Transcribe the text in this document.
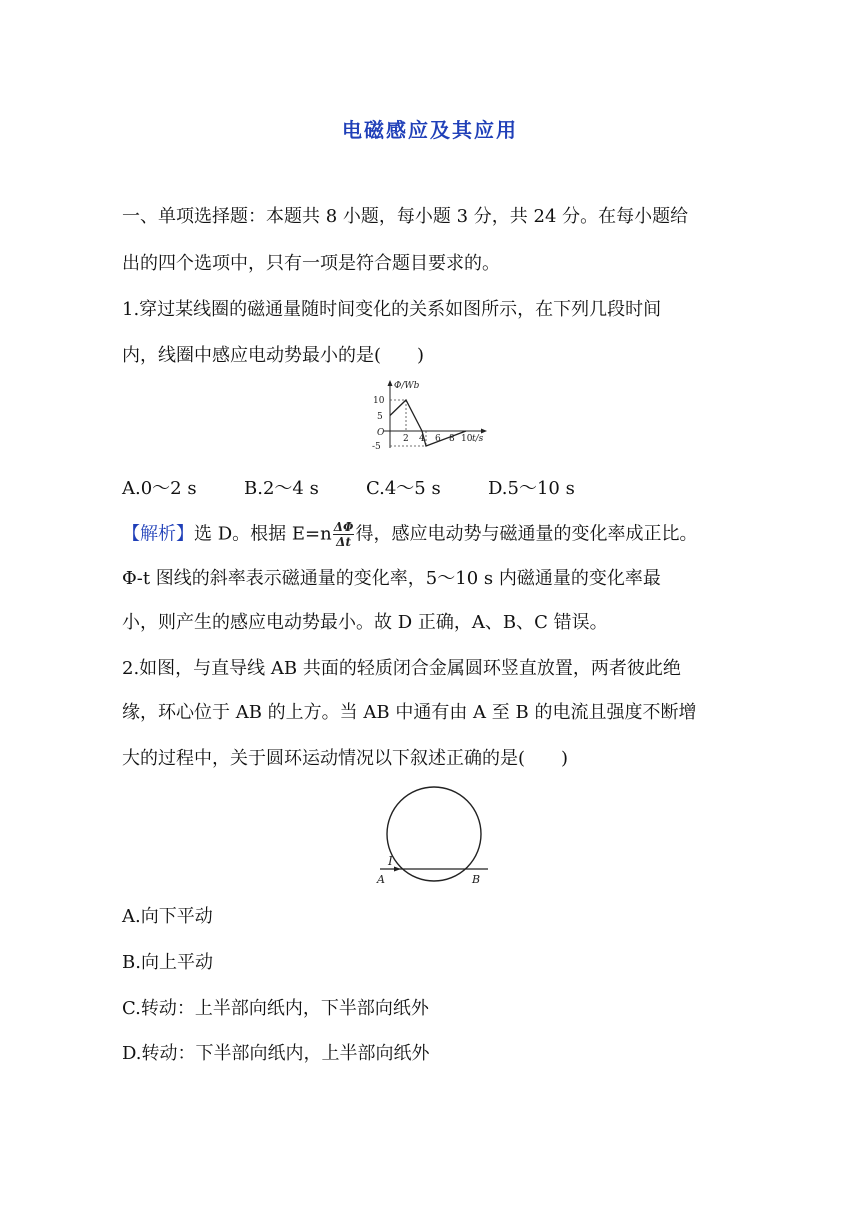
电磁感应及其应用
一、单项选择题：本题共 8 小题，每小题 3 分，共 24 分。在每小题给
出的四个选项中，只有一项是符合题目要求的。
1.穿过某线圈的磁通量随时间变化的关系如图所示，在下列几段时间
内，线圈中感应电动势最小的是(　　)
Φ/Wb
10
5
O
-5
2 4 6 8 10 t/s
A.0～2 s	B.2～4 s	C.4～5 s	D.5～10 s
【解析】选 D。根据 $E=n \frac{\Delta\Phi}{\Delta t}$ 得，感应电动势与磁通量的变化率成正比。
Φ-t 图线的斜率表示磁通量的变化率，5～10 s 内磁通量的变化率最
小，则产生的感应电动势最小。故 D 正确，A、B、C 错误。
2.如图，与直导线 AB 共面的轻质闭合金属圆环竖直放置，两者彼此绝
缘，环心位于 AB 的上方。当 AB 中通有由 A 至 B 的电流且强度不断增
大的过程中，关于圆环运动情况以下叙述正确的是(　　)
I
A	B
A.向下平动
B.向上平动
C.转动：上半部向纸内，下半部向纸外
D.转动：下半部向纸内，上半部向纸外
